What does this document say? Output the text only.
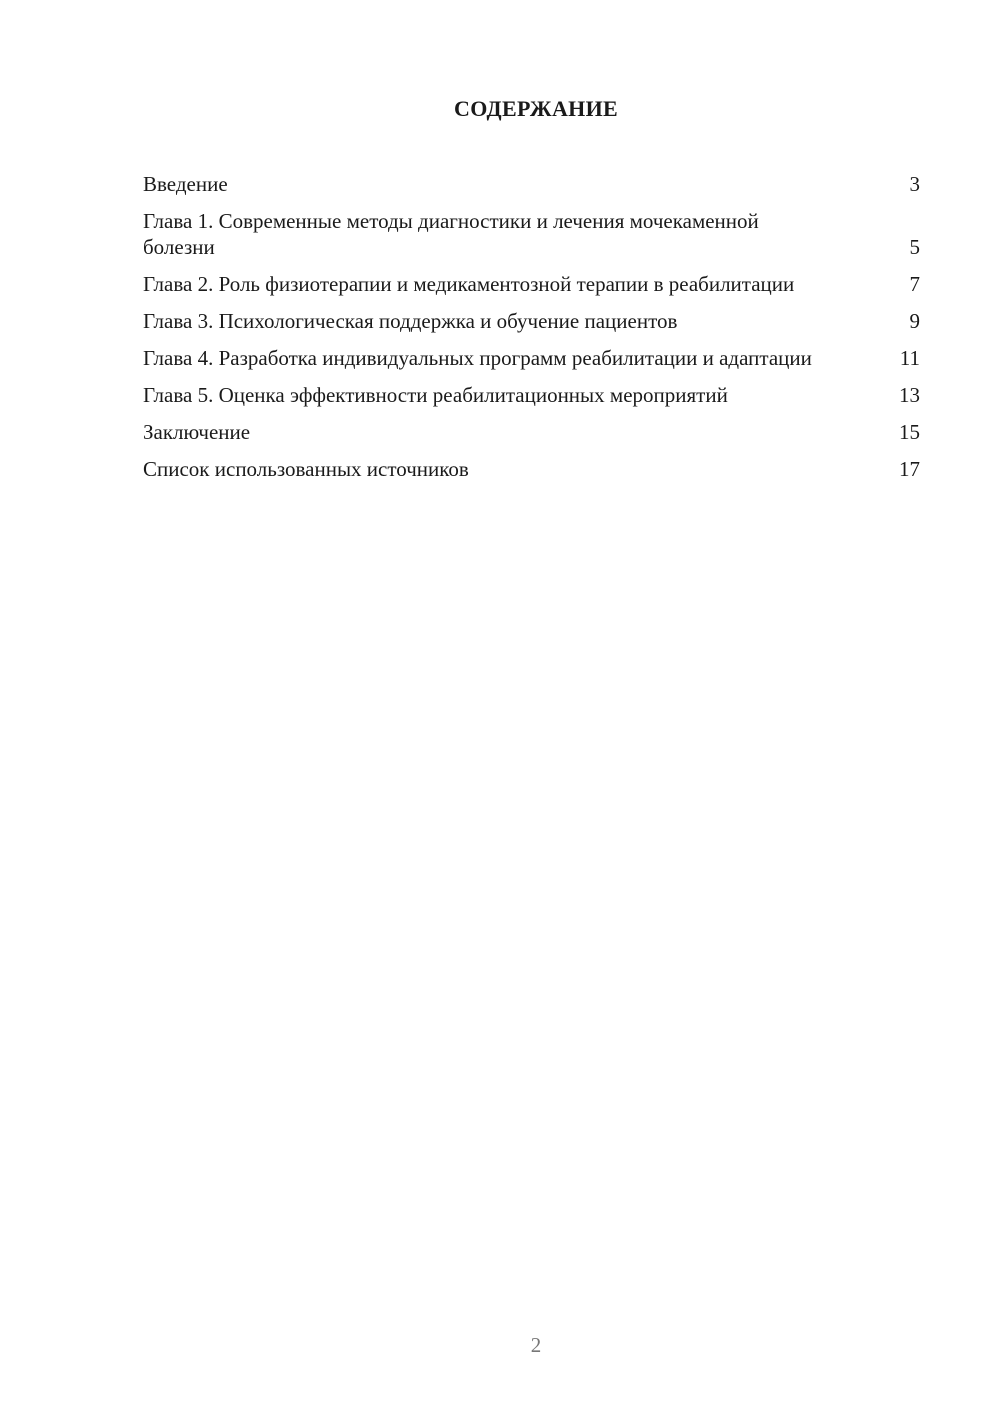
СОДЕРЖАНИЕ
Введение	3
Глава 1. Современные методы диагностики и лечения мочекаменной болезни	5
Глава 2. Роль физиотерапии и медикаментозной терапии в реабилитации	7
Глава 3. Психологическая поддержка и обучение пациентов	9
Глава 4. Разработка индивидуальных программ реабилитации и адаптации	11
Глава 5. Оценка эффективности реабилитационных мероприятий	13
Заключение	15
Список использованных источников	17
2
